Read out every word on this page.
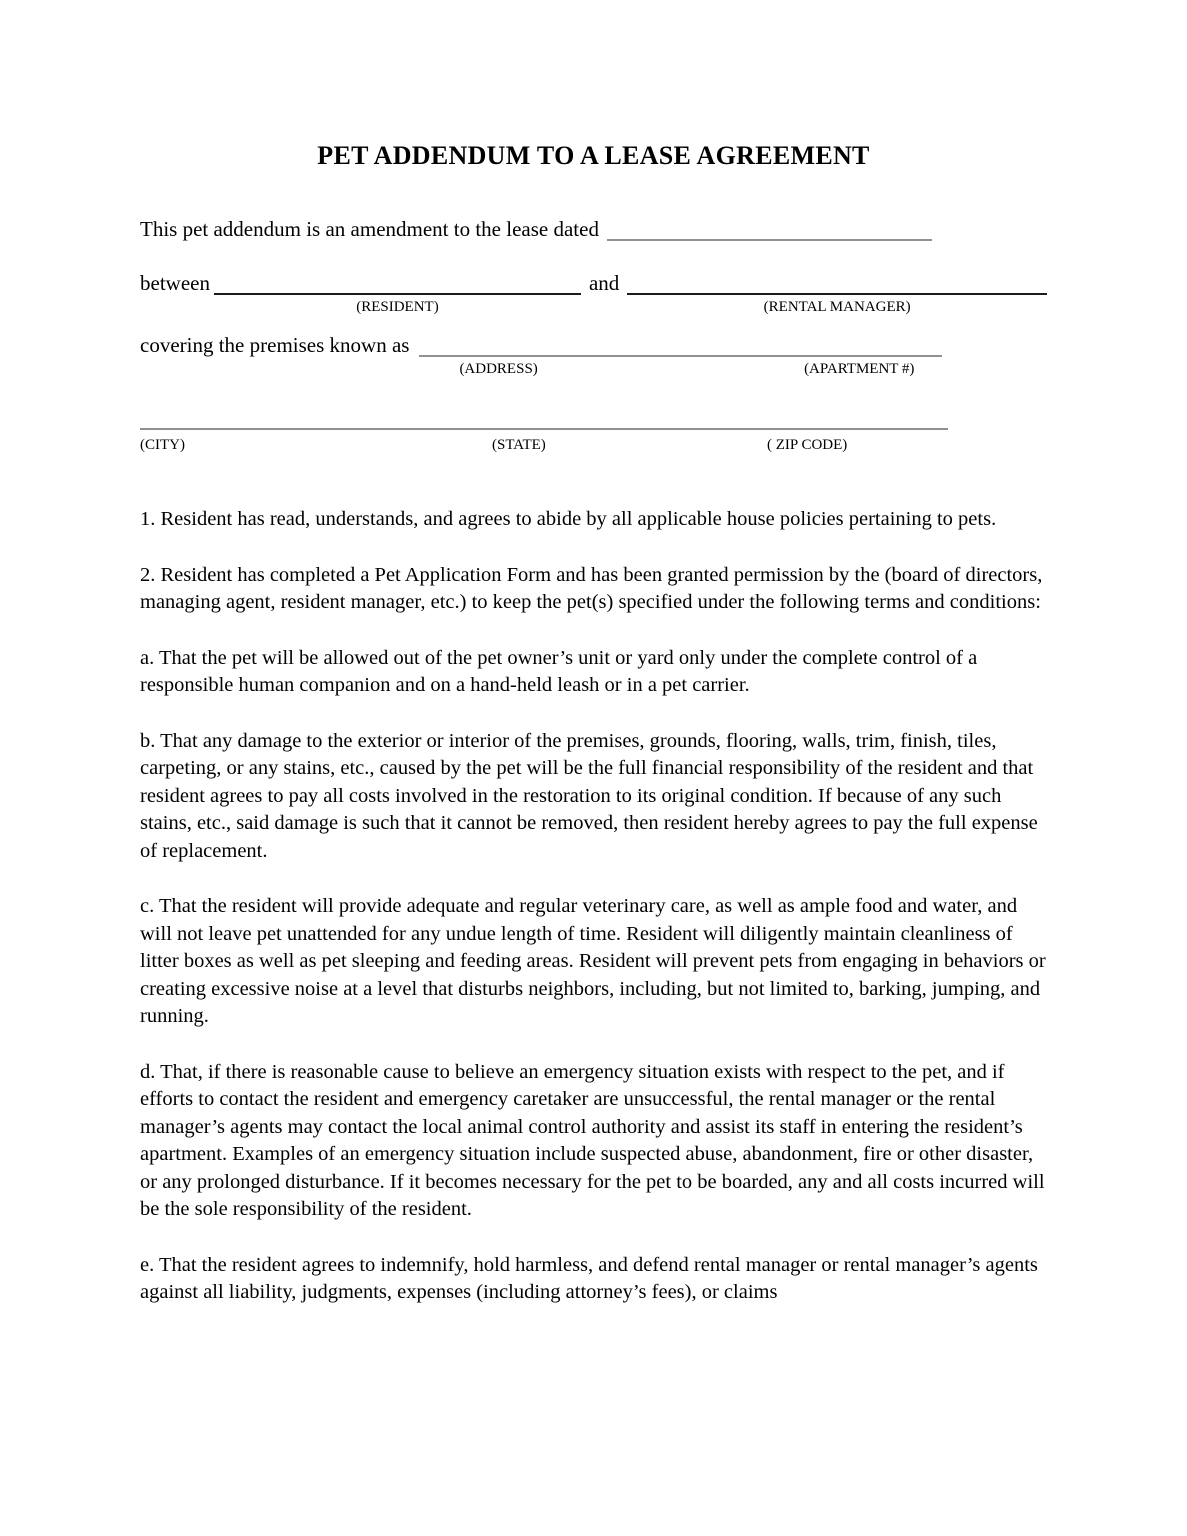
PET ADDENDUM TO A LEASE AGREEMENT
This pet addendum is an amendment to the lease dated
between
(RESIDENT)
and
(RENTAL MANAGER)
covering the premises known as
(ADDRESS)	(APARTMENT #)
(CITY)	(STATE)	( ZIP CODE)

1. Resident has read, understands, and agrees to abide by all applicable house policies pertaining to pets.

2. Resident has completed a Pet Application Form and has been granted permission by the (board of directors, managing agent, resident manager, etc.) to keep the pet(s) specified under the following terms and conditions:

a. That the pet will be allowed out of the pet owner’s unit or yard only under the complete control of a responsible human companion and on a hand-held leash or in a pet carrier.

b. That any damage to the exterior or interior of the premises, grounds, flooring, walls, trim, finish, tiles, carpeting, or any stains, etc., caused by the pet will be the full financial responsibility of the resident and that resident agrees to pay all costs involved in the restoration to its original condition. If because of any such stains, etc., said damage is such that it cannot be removed, then resident hereby agrees to pay the full expense of replacement.

c. That the resident will provide adequate and regular veterinary care, as well as ample food and water, and will not leave pet unattended for any undue length of time. Resident will diligently maintain cleanliness of litter boxes as well as pet sleeping and feeding areas. Resident will prevent pets from engaging in behaviors or creating excessive noise at a level that disturbs neighbors, including, but not limited to, barking, jumping, and running.

d. That, if there is reasonable cause to believe an emergency situation exists with respect to the pet, and if efforts to contact the resident and emergency caretaker are unsuccessful, the rental manager or the rental manager’s agents may contact the local animal control authority and assist its staff in entering the resident’s apartment. Examples of an emergency situation include suspected abuse, abandonment, fire or other disaster, or any prolonged disturbance. If it becomes necessary for the pet to be boarded, any and all costs incurred will be the sole responsibility of the resident.

e. That the resident agrees to indemnify, hold harmless, and defend rental manager or rental manager’s agents against all liability, judgments, expenses (including attorney’s fees), or claims
